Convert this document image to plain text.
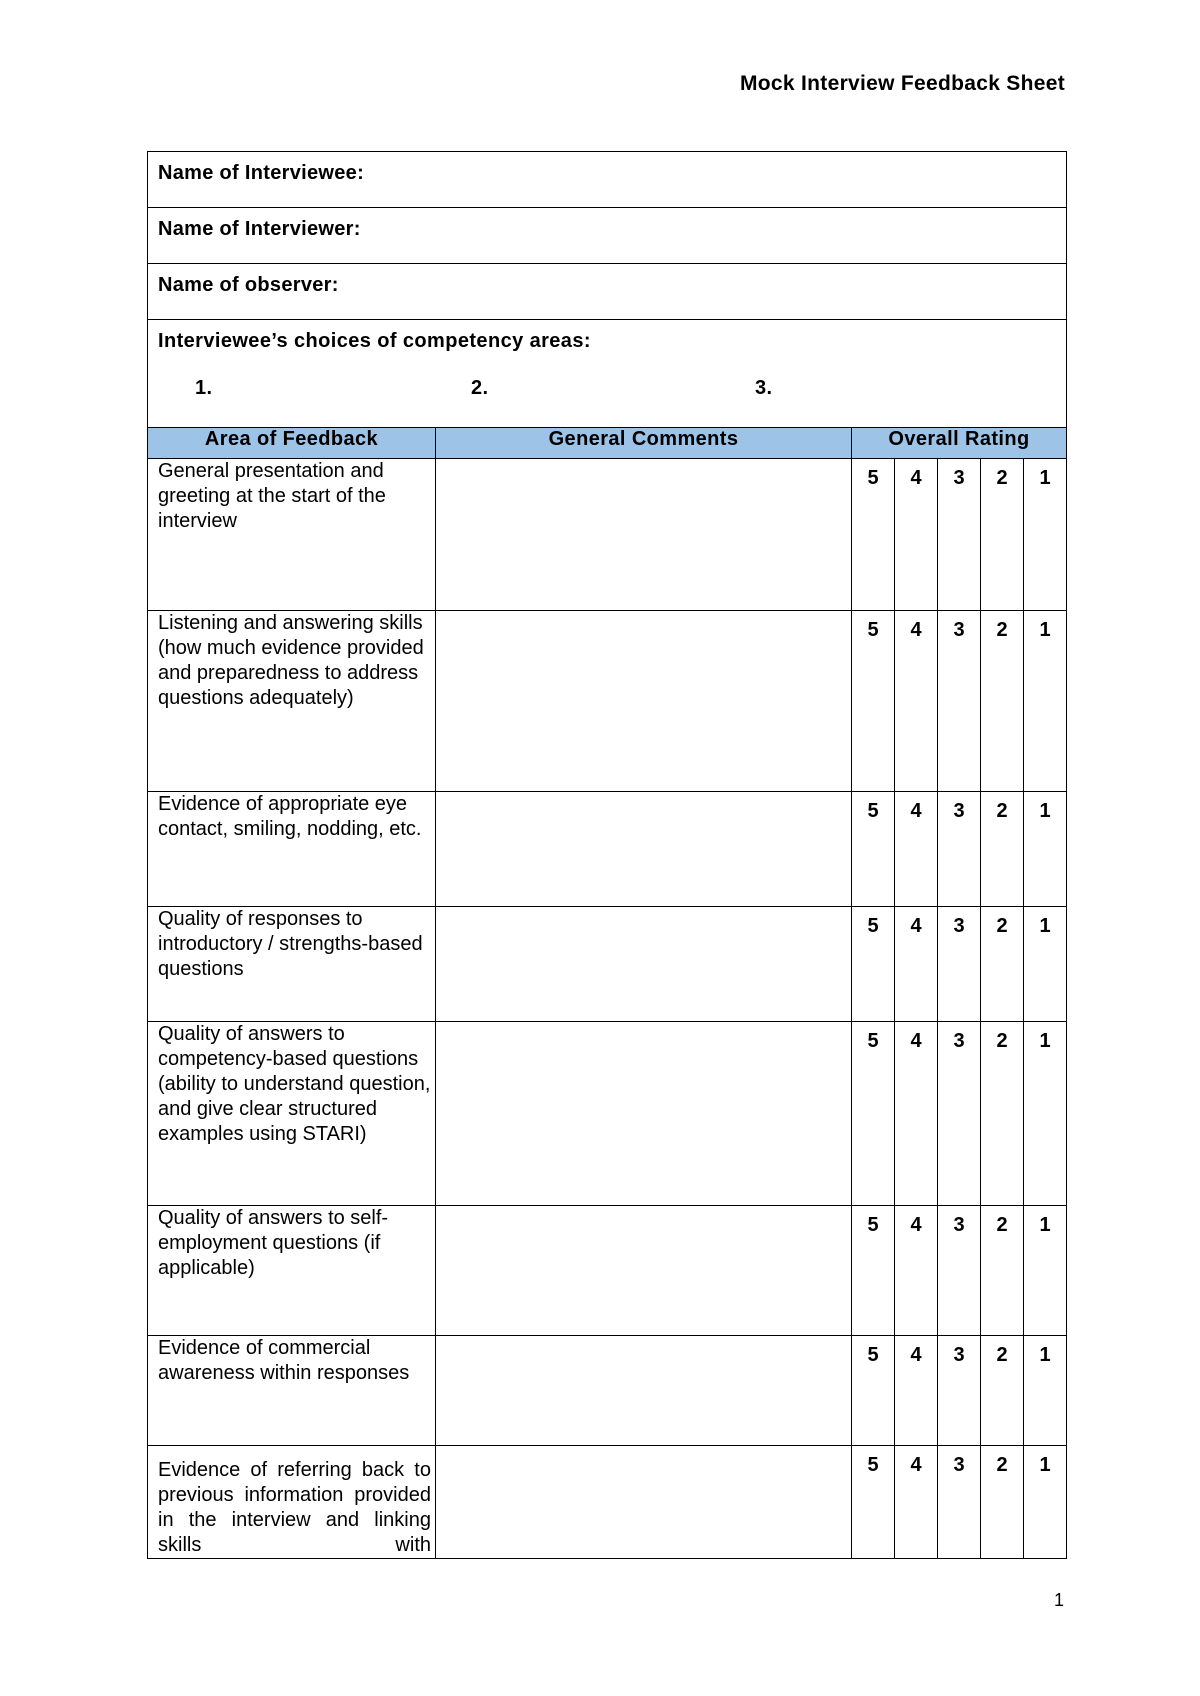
Mock Interview Feedback Sheet
Name of Interviewee:						
Name of Interviewer:						
Name of observer:						

Interviewee’s choices of competency areas:
1. 2. 3.						

Area of Feedback	General Comments	Overall Rating				
General presentation and greeting at the start of the interview		5	4	3	2	1
Listening and answering skills (how much evidence provided and preparedness to address questions adequately)		5	4	3	2	1
Evidence of appropriate eye contact, smiling, nodding, etc.		5	4	3	2	1
Quality of responses to introductory / strengths-based questions		5	4	3	2	1
Quality of answers to competency-based questions (ability to understand question, and give clear structured examples using STARI)		5	4	3	2	1
Quality of answers to self-employment questions (if applicable)		5	4	3	2	1
Evidence of commercial awareness within responses		5	4	3	2	1
Evidence of referring back to previous information provided in the interview and linking skills with		5	4	3	2	1
1
